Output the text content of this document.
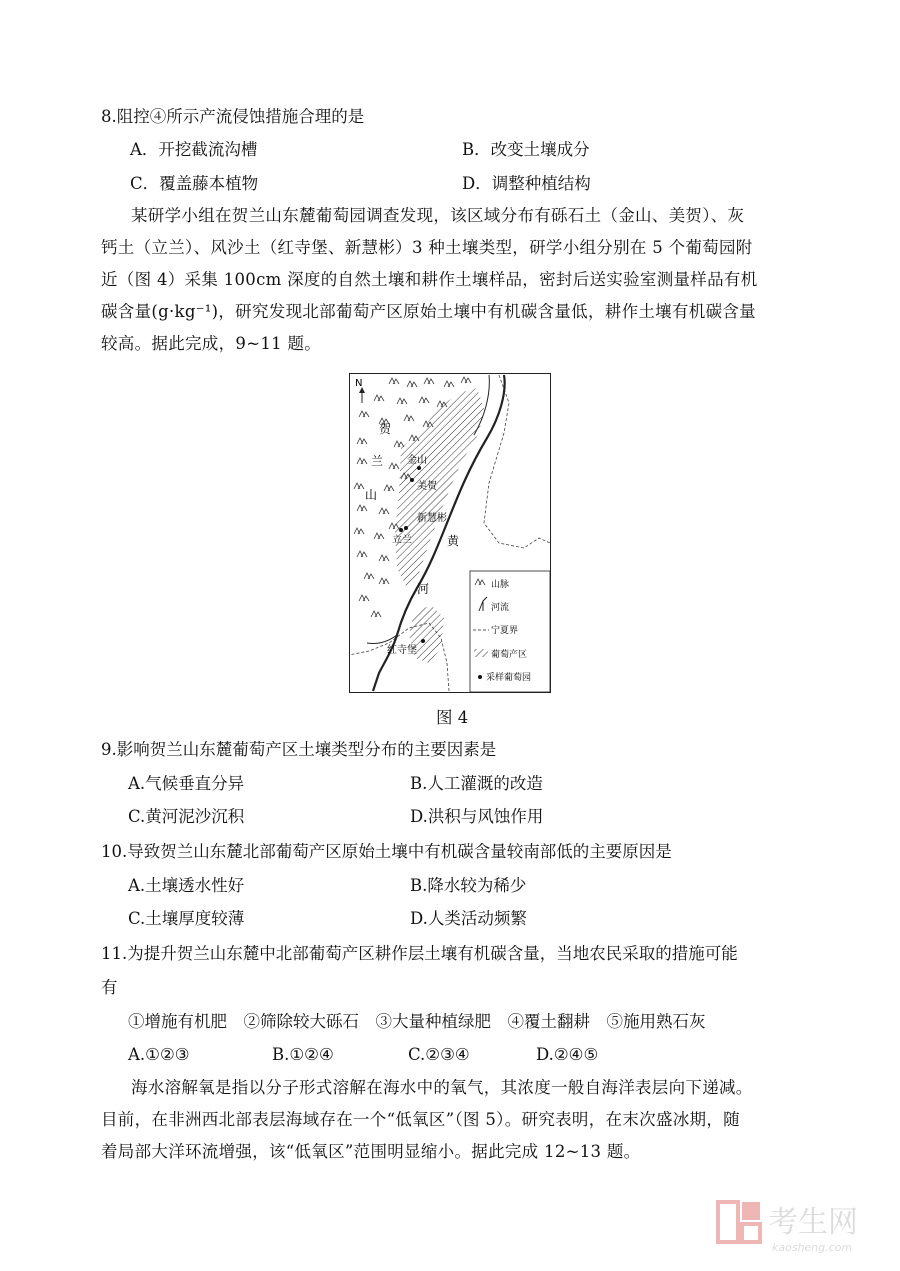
8.阻控④所示产流侵蚀措施合理的是
A．开挖截流沟槽	B．改变土壤成分
C．覆盖藤本植物	D．调整种植结构
某研学小组在贺兰山东麓葡萄园调查发现，该区域分布有砾石土（金山、美贺）、灰
钙土（立兰）、风沙土（红寺堡、新慧彬）3 种土壤类型，研学小组分别在 5 个葡萄园附
近（图 4）采集 100cm 深度的自然土壤和耕作土壤样品，密封后送实验室测量样品有机
碳含量(g·kg⁻¹)，研究发现北部葡萄产区原始土壤中有机碳含量低，耕作土壤有机碳含量
较高。据此完成，9~11 题。
N
贺
兰
山
黄
河
金山
美贺
新慧彬
立兰
红寺堡
山脉
河流
宁夏界
葡萄产区
采样葡萄园
图 4
9.影响贺兰山东麓葡萄产区土壤类型分布的主要因素是
A.气候垂直分异	B.人工灌溉的改造
C.黄河泥沙沉积	D.洪积与风蚀作用
10.导致贺兰山东麓北部葡萄产区原始土壤中有机碳含量较南部低的主要原因是
A.土壤透水性好	B.降水较为稀少
C.土壤厚度较薄	D.人类活动频繁
11.为提升贺兰山东麓中北部葡萄产区耕作层土壤有机碳含量，当地农民采取的措施可能
有
①增施有机肥　②筛除较大砾石　③大量种植绿肥　④覆土翻耕　⑤施用熟石灰
A.①②③	B.①②④	C.②③④	D.②④⑤
海水溶解氧是指以分子形式溶解在海水中的氧气，其浓度一般自海洋表层向下递减。
目前，在非洲西北部表层海域存在一个“低氧区”（图 5）。研究表明，在末次盛冰期，随
着局部大洋环流增强，该“低氧区”范围明显缩小。据此完成 12~13 题。
考生网
kaosheng.com
